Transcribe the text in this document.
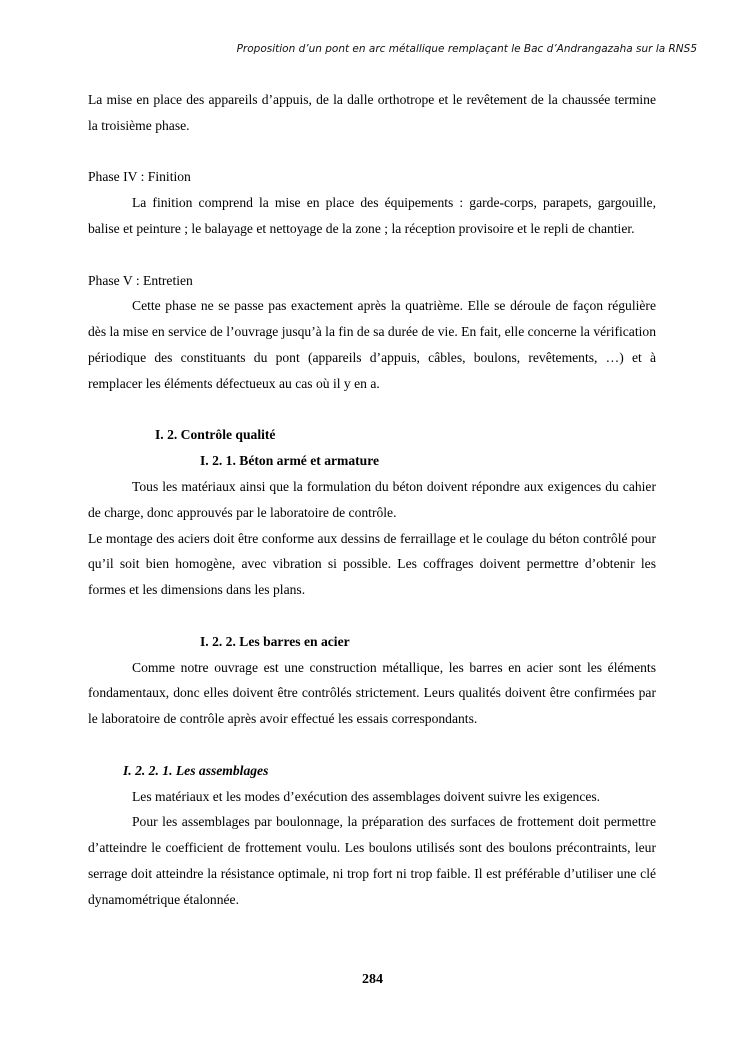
Proposition d’un pont en arc métallique remplaçant le Bac d’Andrangazaha sur la RNS5

La mise en place des appareils d’appuis, de la dalle orthotrope et le revêtement de la chaussée termine la troisième phase.

Phase IV : Finition

La finition comprend la mise en place des équipements : garde-corps, parapets, gargouille, balise et peinture ; le balayage et nettoyage de la zone ; la réception provisoire et le repli de chantier.

Phase V : Entretien

Cette phase ne se passe pas exactement après la quatrième. Elle se déroule de façon régulière dès la mise en service de l’ouvrage jusqu’à la fin de sa durée de vie. En fait, elle concerne la vérification périodique des constituants du pont (appareils d’appuis, câbles, boulons, revêtements, …) et à remplacer les éléments défectueux au cas où il y en a.

I. 2. Contrôle qualité

I. 2. 1. Béton armé et armature

Tous les matériaux ainsi que la formulation du béton doivent répondre aux exigences du cahier de charge, donc approuvés par le laboratoire de contrôle.

Le montage des aciers doit être conforme aux dessins de ferraillage et le coulage du béton contrôlé pour qu’il soit bien homogène, avec vibration si possible. Les coffrages doivent permettre d’obtenir les formes et les dimensions dans les plans.

I. 2. 2. Les barres en acier

Comme notre ouvrage est une construction métallique, les barres en acier sont les éléments fondamentaux, donc elles doivent être contrôlés strictement. Leurs qualités doivent être confirmées par le laboratoire de contrôle après avoir effectué les essais correspondants.

I. 2. 2. 1. Les assemblages

Les matériaux et les modes d’exécution des assemblages doivent suivre les exigences.

Pour les assemblages par boulonnage, la préparation des surfaces de frottement doit permettre d’atteindre le coefficient de frottement voulu. Les boulons utilisés sont des boulons précontraints, leur serrage doit atteindre la résistance optimale, ni trop fort ni trop faible. Il est préférable d’utiliser une clé dynamométrique étalonnée.

284
